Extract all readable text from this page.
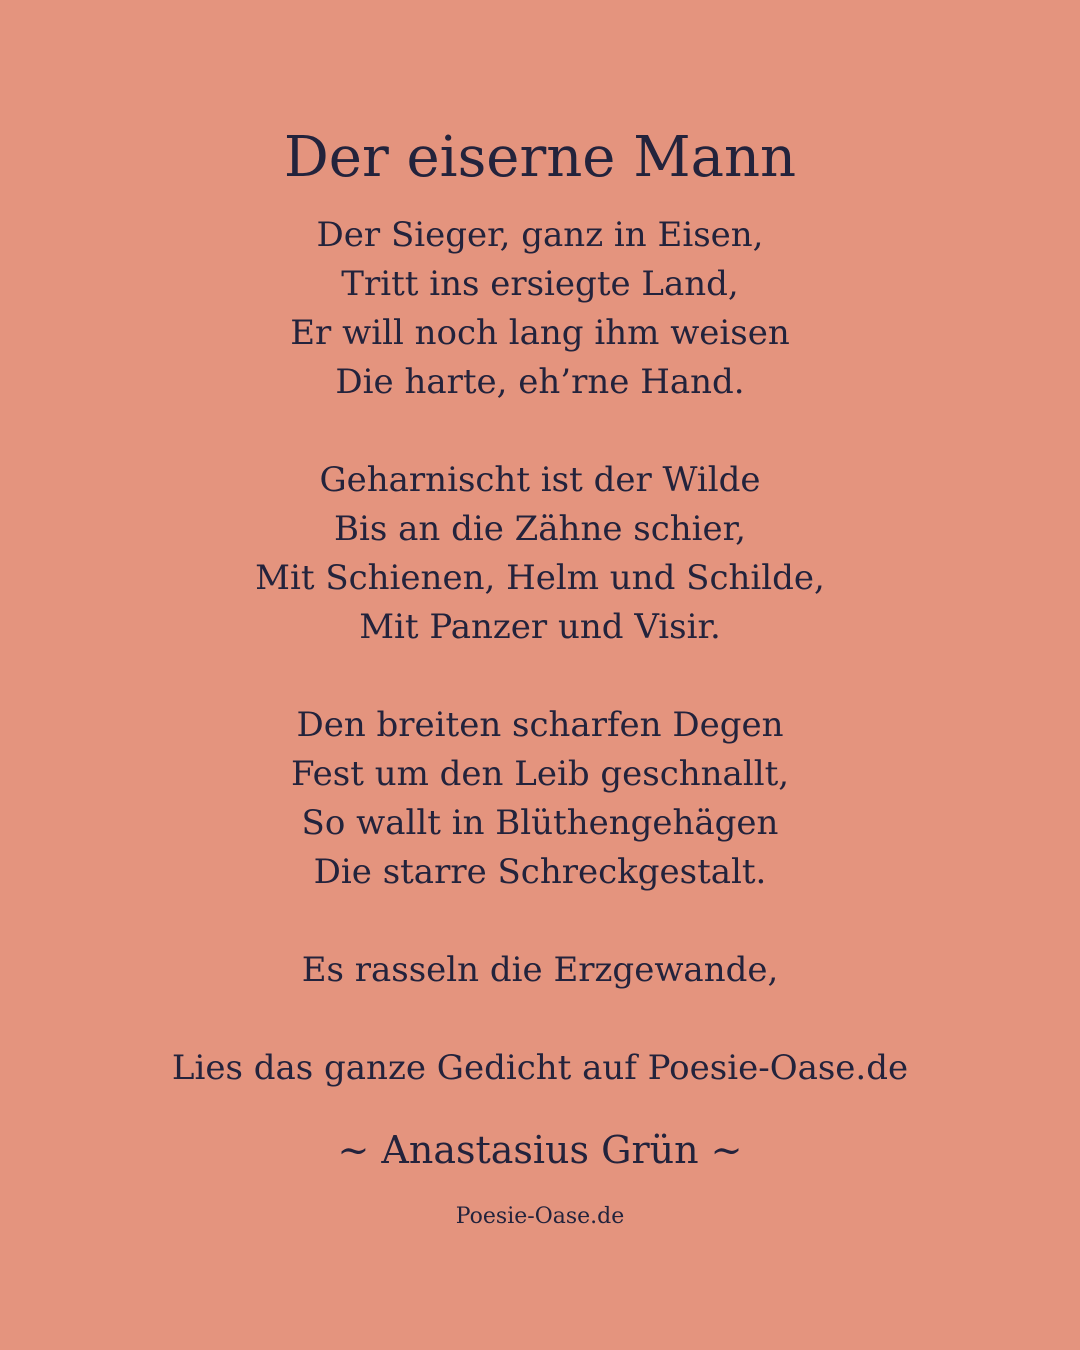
Der eiserne Mann
Der Sieger, ganz in Eisen,
Tritt ins ersiegte Land,
Er will noch lang ihm weisen
Die harte, eh’rne Hand.
Geharnischt ist der Wilde
Bis an die Zähne schier,
Mit Schienen, Helm und Schilde,
Mit Panzer und Visir.
Den breiten scharfen Degen
Fest um den Leib geschnallt,
So wallt in Blüthengehägen
Die starre Schreckgestalt.
Es rasseln die Erzgewande,
Lies das ganze Gedicht auf Poesie-Oase.de
~ Anastasius Grün ~
Poesie-Oase.de
